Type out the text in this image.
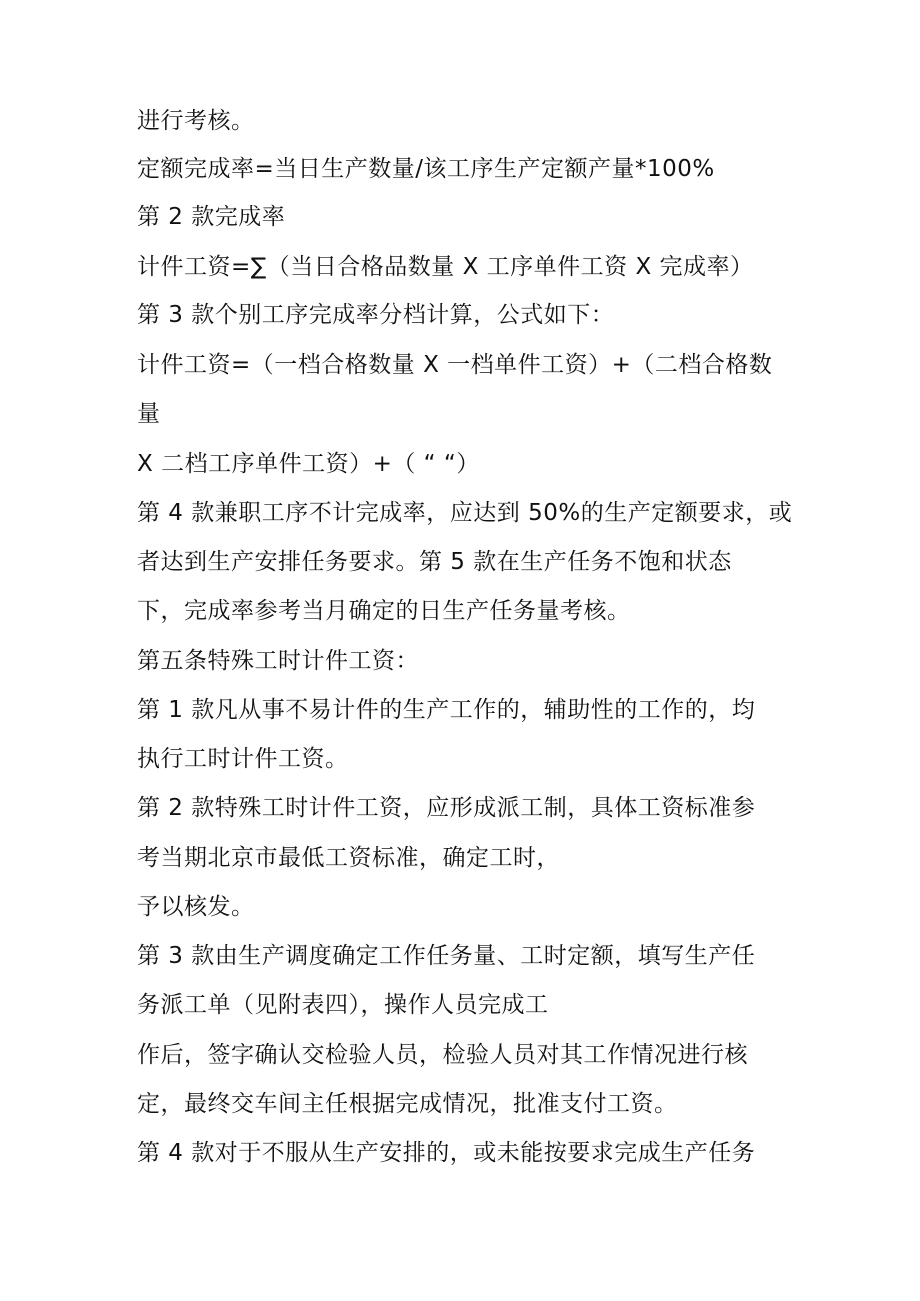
进行考核。
定额完成率=当日生产数量/该工序生产定额产量*100%
第 2 款完成率
计件工资=∑（当日合格品数量 X 工序单件工资 X 完成率）
第 3 款个别工序完成率分档计算，公式如下：
计件工资=（一档合格数量 X 一档单件工资）+（二档合格数
量
X 二档工序单件工资）+（ “ “）
第 4 款兼职工序不计完成率，应达到 50%的生产定额要求，或
者达到生产安排任务要求。第 5 款在生产任务不饱和状态
下，完成率参考当月确定的日生产任务量考核。
第五条特殊工时计件工资：
第 1 款凡从事不易计件的生产工作的，辅助性的工作的，均
执行工时计件工资。
第 2 款特殊工时计件工资，应形成派工制，具体工资标准参
考当期北京市最低工资标准，确定工时，
予以核发。
第 3 款由生产调度确定工作任务量、工时定额，填写生产任
务派工单（见附表四），操作人员完成工
作后，签字确认交检验人员，检验人员对其工作情况进行核
定，最终交车间主任根据完成情况，批准支付工资。
第 4 款对于不服从生产安排的，或未能按要求完成生产任务
